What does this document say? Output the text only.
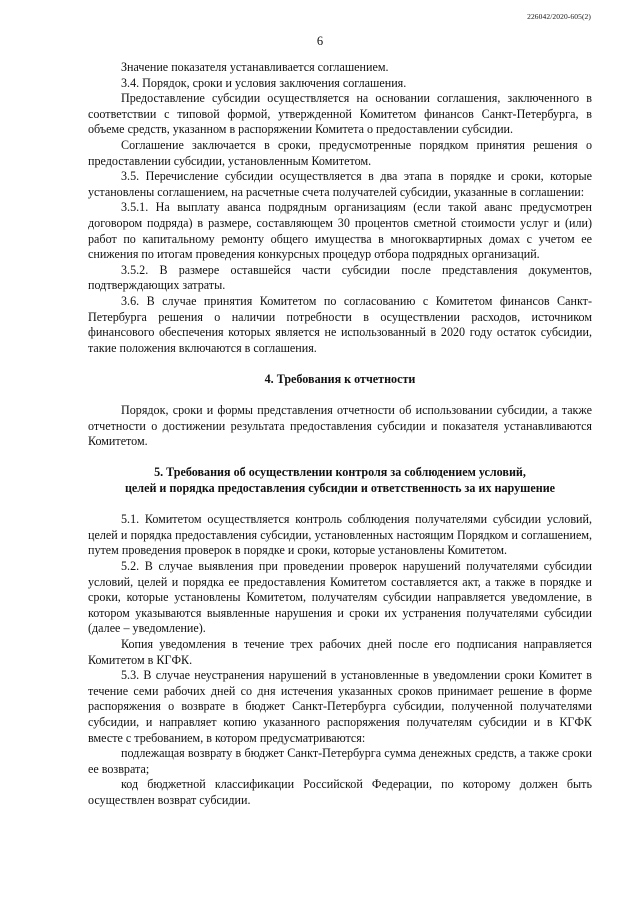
226042/2020-605(2)
6

Значение показателя устанавливается соглашением.

3.4. Порядок, сроки и условия заключения соглашения.

Предоставление субсидии осуществляется на основании соглашения, заключенного в соответствии с типовой формой, утвержденной Комитетом финансов Санкт-Петербурга, в объеме средств, указанном в распоряжении Комитета о предоставлении субсидии.

Соглашение заключается в сроки, предусмотренные порядком принятия решения о предоставлении субсидии, установленным Комитетом.

3.5. Перечисление субсидии осуществляется в два этапа в порядке и сроки, которые установлены соглашением, на расчетные счета получателей субсидии, указанные в соглашении:

3.5.1. На выплату аванса подрядным организациям (если такой аванс предусмотрен договором подряда) в размере, составляющем 30 процентов сметной стоимости услуг и (или) работ по капитальному ремонту общего имущества в многоквартирных домах с учетом ее снижения по итогам проведения конкурсных процедур отбора подрядных организаций.

3.5.2. В размере оставшейся части субсидии после представления документов, подтверждающих затраты.

3.6. В случае принятия Комитетом по согласованию с Комитетом финансов Санкт-Петербурга решения о наличии потребности в осуществлении расходов, источником финансового обеспечения которых является не использованный в 2020 году остаток субсидии, такие положения включаются в соглашения.

4. Требования к отчетности

Порядок, сроки и формы представления отчетности об использовании субсидии, а также отчетности о достижении результата предоставления субсидии и показателя устанавливаются Комитетом.

5. Требования об осуществлении контроля за соблюдением условий,
целей и порядка предоставления субсидии и ответственность за их нарушение

5.1. Комитетом осуществляется контроль соблюдения получателями субсидии условий, целей и порядка предоставления субсидии, установленных настоящим Порядком и соглашением, путем проведения проверок в порядке и сроки, которые установлены Комитетом.

5.2. В случае выявления при проведении проверок нарушений получателями субсидии условий, целей и порядка ее предоставления Комитетом составляется акт, а также в порядке и сроки, которые установлены Комитетом, получателям субсидии направляется уведомление, в котором указываются выявленные нарушения и сроки их устранения получателями субсидии (далее – уведомление).

Копия уведомления в течение трех рабочих дней после его подписания направляется Комитетом в КГФК.

5.3. В случае неустранения нарушений в установленные в уведомлении сроки Комитет в течение семи рабочих дней со дня истечения указанных сроков принимает решение в форме распоряжения о возврате в бюджет Санкт-Петербурга субсидии, полученной получателями субсидии, и направляет копию указанного распоряжения получателям субсидии и в КГФК вместе с требованием, в котором предусматриваются:

подлежащая возврату в бюджет Санкт-Петербурга сумма денежных средств, а также сроки ее возврата;

код бюджетной классификации Российской Федерации, по которому должен быть осуществлен возврат субсидии.
